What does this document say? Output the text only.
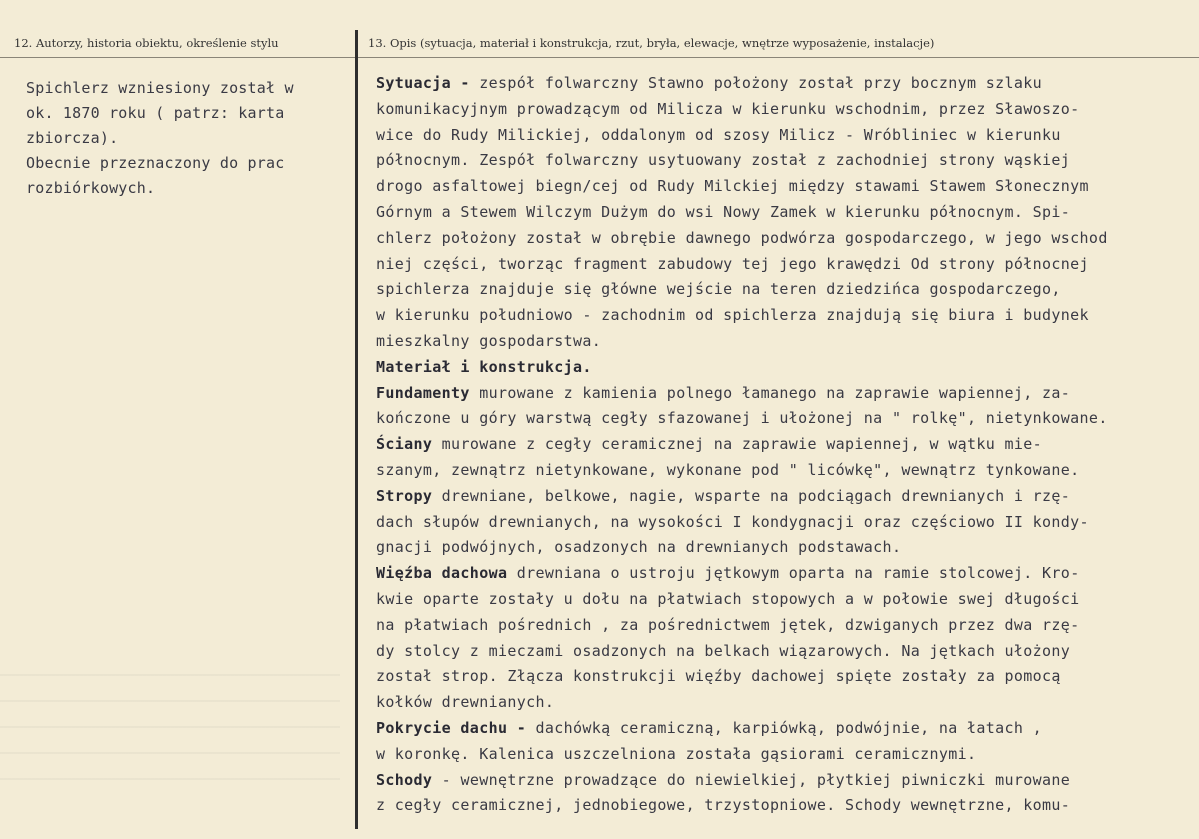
12. Autorzy, historia obiektu, określenie stylu	13. Opis (sytuacja, materiał i konstrukcja, rzut, bryła, elewacje, wnętrze wyposażenie, instalacje)
Spichlerz wzniesiony został w
ok. 1870 roku ( patrz: karta
zbiorcza).
Obecnie przeznaczony do prac
rozbiórkowych.
Sytuacja - zespół folwarczny Stawno położony został przy bocznym szlaku
komunikacyjnym prowadzącym od Milicza w kierunku wschodnim, przez Sławoszo-
wice do Rudy Milickiej, oddalonym od szosy Milicz - Wróbliniec w kierunku
północnym. Zespół folwarczny usytuowany został z zachodniej strony wąskiej
drogo asfaltowej biegn/cej od Rudy Milckiej między stawami Stawem Słonecznym
Górnym a Stewem Wilczym Dużym do wsi Nowy Zamek w kierunku północnym. Spi-
chlerz położony został w obrębie dawnego podwórza gospodarczego, w jego wschod
niej części, tworząc fragment zabudowy tej jego krawędzi Od strony północnej
spichlerza znajduje się główne wejście na teren dziedzińca gospodarczego,
w kierunku południowo - zachodnim od spichlerza znajdują się biura i budynek
mieszkalny gospodarstwa.
Materiał i konstrukcja.
Fundamenty murowane z kamienia polnego łamanego na zaprawie wapiennej, za-
kończone u góry warstwą cegły sfazowanej i ułożonej na " rolkę", nietynkowane.
Ściany murowane z cegły ceramicznej na zaprawie wapiennej, w wątku mie-
szanym, zewnątrz nietynkowane, wykonane pod " licówkę", wewnątrz tynkowane.
Stropy drewniane, belkowe, nagie, wsparte na podciągach drewnianych i rzę-
dach słupów drewnianych, na wysokości I kondygnacji oraz częściowo II kondy-
gnacji podwójnych, osadzonych na drewnianych podstawach.
Więźba dachowa drewniana o ustroju jętkowym oparta na ramie stolcowej. Kro-
kwie oparte zostały u dołu na płatwiach stopowych a w połowie swej długości
na płatwiach pośrednich , za pośrednictwem jętek, dzwiganych przez dwa rzę-
dy stolcy z mieczami osadzonych na belkach wiązarowych. Na jętkach ułożony
został strop. Złącza konstrukcji więźby dachowej spięte zostały za pomocą
kołków drewnianych.
Pokrycie dachu - dachówką ceramiczną, karpiówką, podwójnie, na łatach ,
w koronkę. Kalenica uszczelniona została gąsiorami ceramicznymi.
Schody - wewnętrzne prowadzące do niewielkiej, płytkiej piwniczki murowane
z cegły ceramicznej, jednobiegowe, trzystopniowe. Schody wewnętrzne, komu-
